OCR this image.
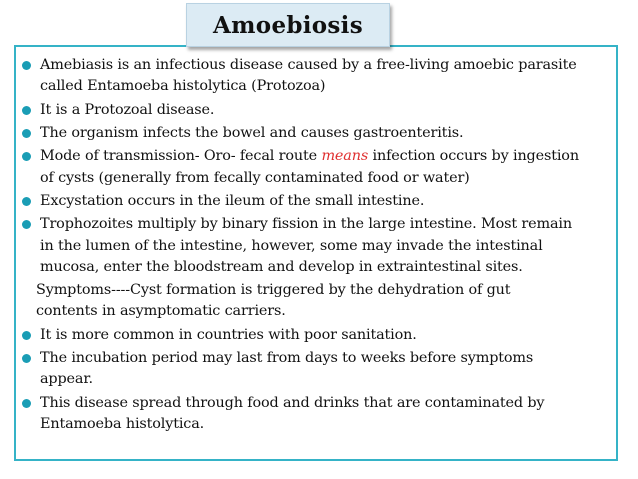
Amoebiosis
Amebiasis is an infectious disease caused by a free-living amoebic parasite
called Entamoeba histolytica (Protozoa)
It is a Protozoal disease.
The organism infects the bowel and causes gastroenteritis.
Mode of transmission- Oro- fecal route means infection occurs by ingestion
of cysts (generally from fecally contaminated food or water)
Excystation occurs in the ileum of the small intestine.
Trophozoites multiply by binary fission in the large intestine. Most remain
in the lumen of the intestine, however, some may invade the intestinal
mucosa, enter the bloodstream and develop in extraintestinal sites.
Symptoms----Cyst formation is triggered by the dehydration of gut
contents in asymptomatic carriers.
It is more common in countries with poor sanitation.
The incubation period may last from days to weeks before symptoms
appear.
This disease spread through food and drinks that are contaminated by
Entamoeba histolytica.
